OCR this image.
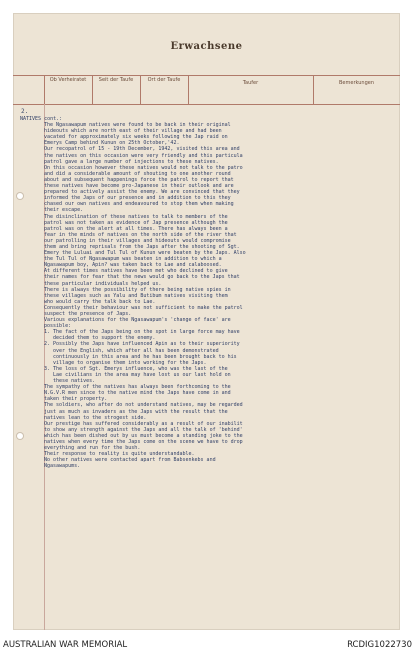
Erwachsene
Ob Verheiratet	Seit der Taufe	Ort der Taufe	Taufer	Bemerkungen
2.
NATIVES cont.:
The Ngasawapum natives were found to be back in their original
hideouts which are north east of their village and had been
vacated for approximately six weeks following the Jap raid on
Emerys Camp behind Kunun on 25th October,'42.
Our recopatrol of 15 - 19th December, 1942, visited this area and
the natives on this occasion were very friendly and this particula
patrol gave a large number of injections to these natives.
On this occasion however these natives would not talk to the patro
and did a considerable amount of shouting to one another round
about and subsequent happenings force the patrol to report that
these natives have become pro-Japanese in their outlook and are
prepared to actively assist the enemy. We are convinced that they
informed the Japs of our presence and in addition to this they
chased our own natives and endeavoured to stop them when making
their escape.
The disinclination of these natives to talk to members of the
patrol was not taken as evidence of Jap presence although the
patrol was on the alert at all times. There has always been a
fear in the minds of natives on the north side of the river that
our patrolling in their villages and hideouts would compromise
them and bring reprisals from the Japs after the shooting of Sgt.
Emery the Luluai and Tul Tul of Kunun were beaten by the Japs. Also
the Tul Tul of Ngasawapum was beaten in addition to which a
Ngasawapum boy, Apin? was taken back to Lae and calaboosed.
At different times natives have been met who declined to give
their names for fear that the news would go back to the Japs that
these particular individuals helped us.
There is always the possibility of there being native spies in
these villages such as Yalu and Butibum natives visiting them
who would carry the talk back to Lae.
Consequently their behaviour was not sufficient to make the patrol
suspect the presence of Japs.
Various explanations for the Ngasawapum's 'change of face' are
possible:
1. The fact of the Japs being on the spot in large force may have
decided them to support the enemy.
2. Possibly the Japs have influenced Apin as to their superiority
over the English, which after all has been demonstrated
continuously in this area and he has been brought back to his
village to organise them into working for the Japs.
3. The loss of Sgt. Emerys influence, who was the last of the
Lae civilians in the area may have lost us our last hold on
these natives.
The sympathy of the natives has always been forthcoming to the
N.G.V.R men since to the native mind the Japs have come in and
taken their property.
The soldiers, who after do not understand natives, may be regarded
just as much as invaders as the Japs with the result that the
natives lean to the strogest side.
Our prestige has suffered considerably as a result of our inabilit
to show any strength against the Japs and all the talk of 'behind'
which has been dished out by us must become a standing joke to the
natives when every time the Japs come on the scene we have to drop
everything and run for the bush.
Their response to reality is quite understandable.
No other natives were contacted apart from Babsenkebs and
Ngasawapums.
AUSTRALIAN WAR MEMORIAL	RCDIG1022730
